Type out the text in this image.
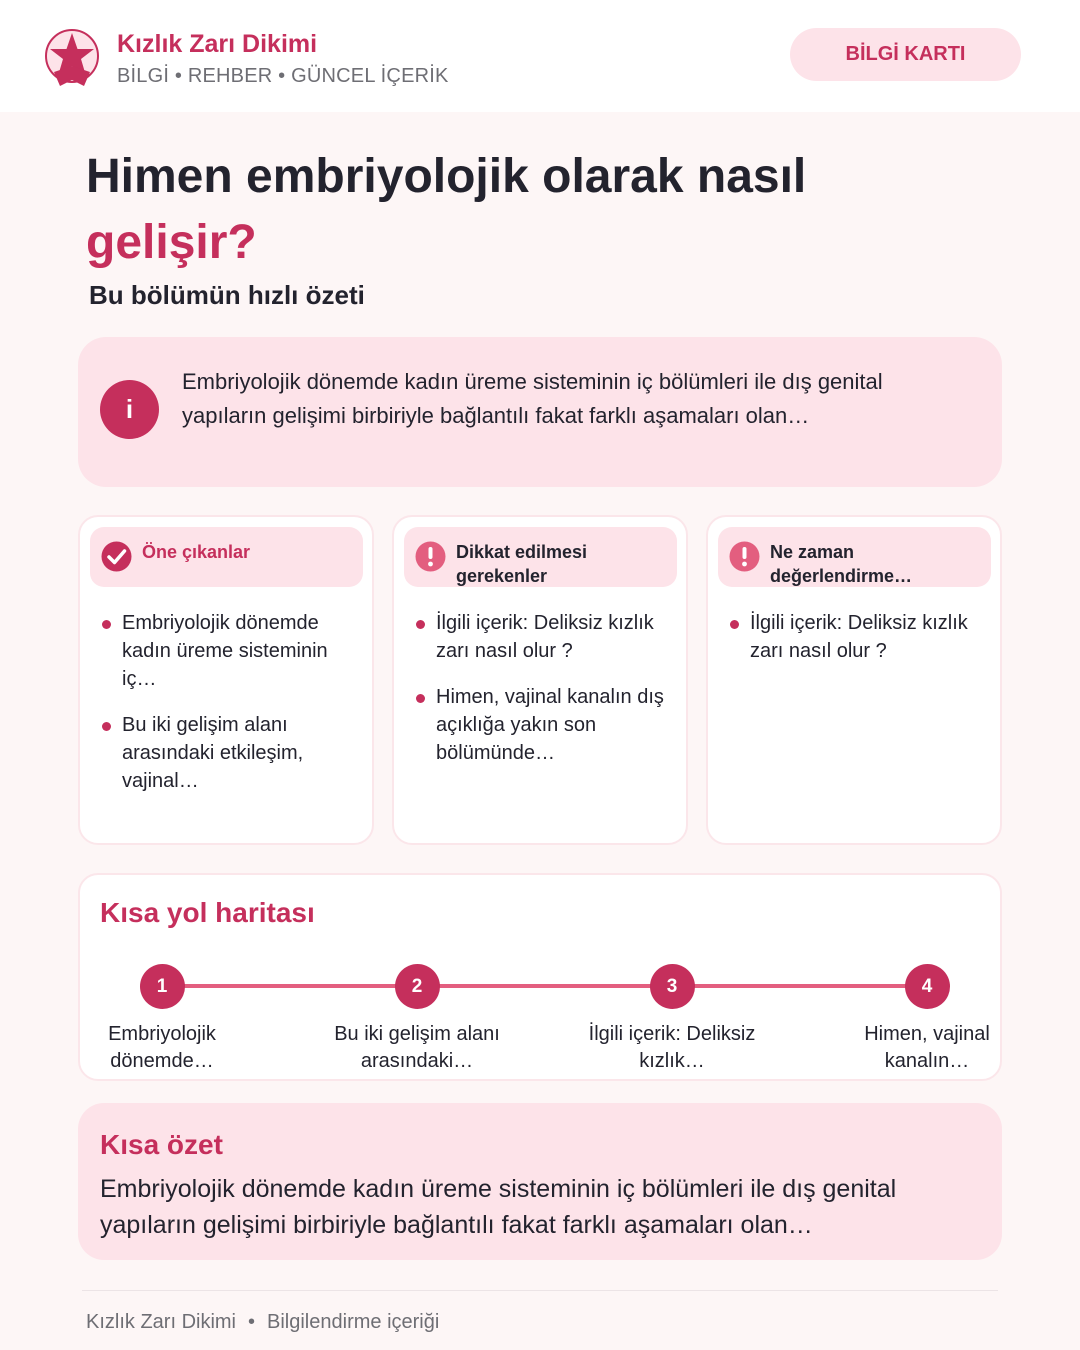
Kızlık Zarı Dikimi
BİLGİ • REHBER • GÜNCEL İÇERİK
BİLGİ KARTI
Himen embriyolojik olarak nasıl
gelişir?
Bu bölümün hızlı özeti
i
Embriyolojik dönemde kadın üreme sisteminin iç bölümleri ile dış genital yapıların gelişimi birbiriyle bağlantılı fakat farklı aşamaları olan…
Öne çıkanlar
Embriyolojik dönemde kadın üreme sisteminin iç…
Bu iki gelişim alanı arasındaki etkileşim, vajinal…
Dikkat edilmesi gerekenler
İlgili içerik: Deliksiz kızlık zarı nasıl olur ?
Himen, vajinal kanalın dış açıklığa yakın son bölümünde…
Ne zaman değerlendirme…
İlgili içerik: Deliksiz kızlık zarı nasıl olur ?
Kısa yol haritası
1
Embriyolojik dönemde…
2
Bu iki gelişim alanı arasındaki…
3
İlgili içerik: Deliksiz kızlık…
4
Himen, vajinal kanalın…
Kısa özet
Embriyolojik dönemde kadın üreme sisteminin iç bölümleri ile dış genital yapıların gelişimi birbiriyle bağlantılı fakat farklı aşamaları olan…
Kızlık Zarı Dikimi • Bilgilendirme içeriği
